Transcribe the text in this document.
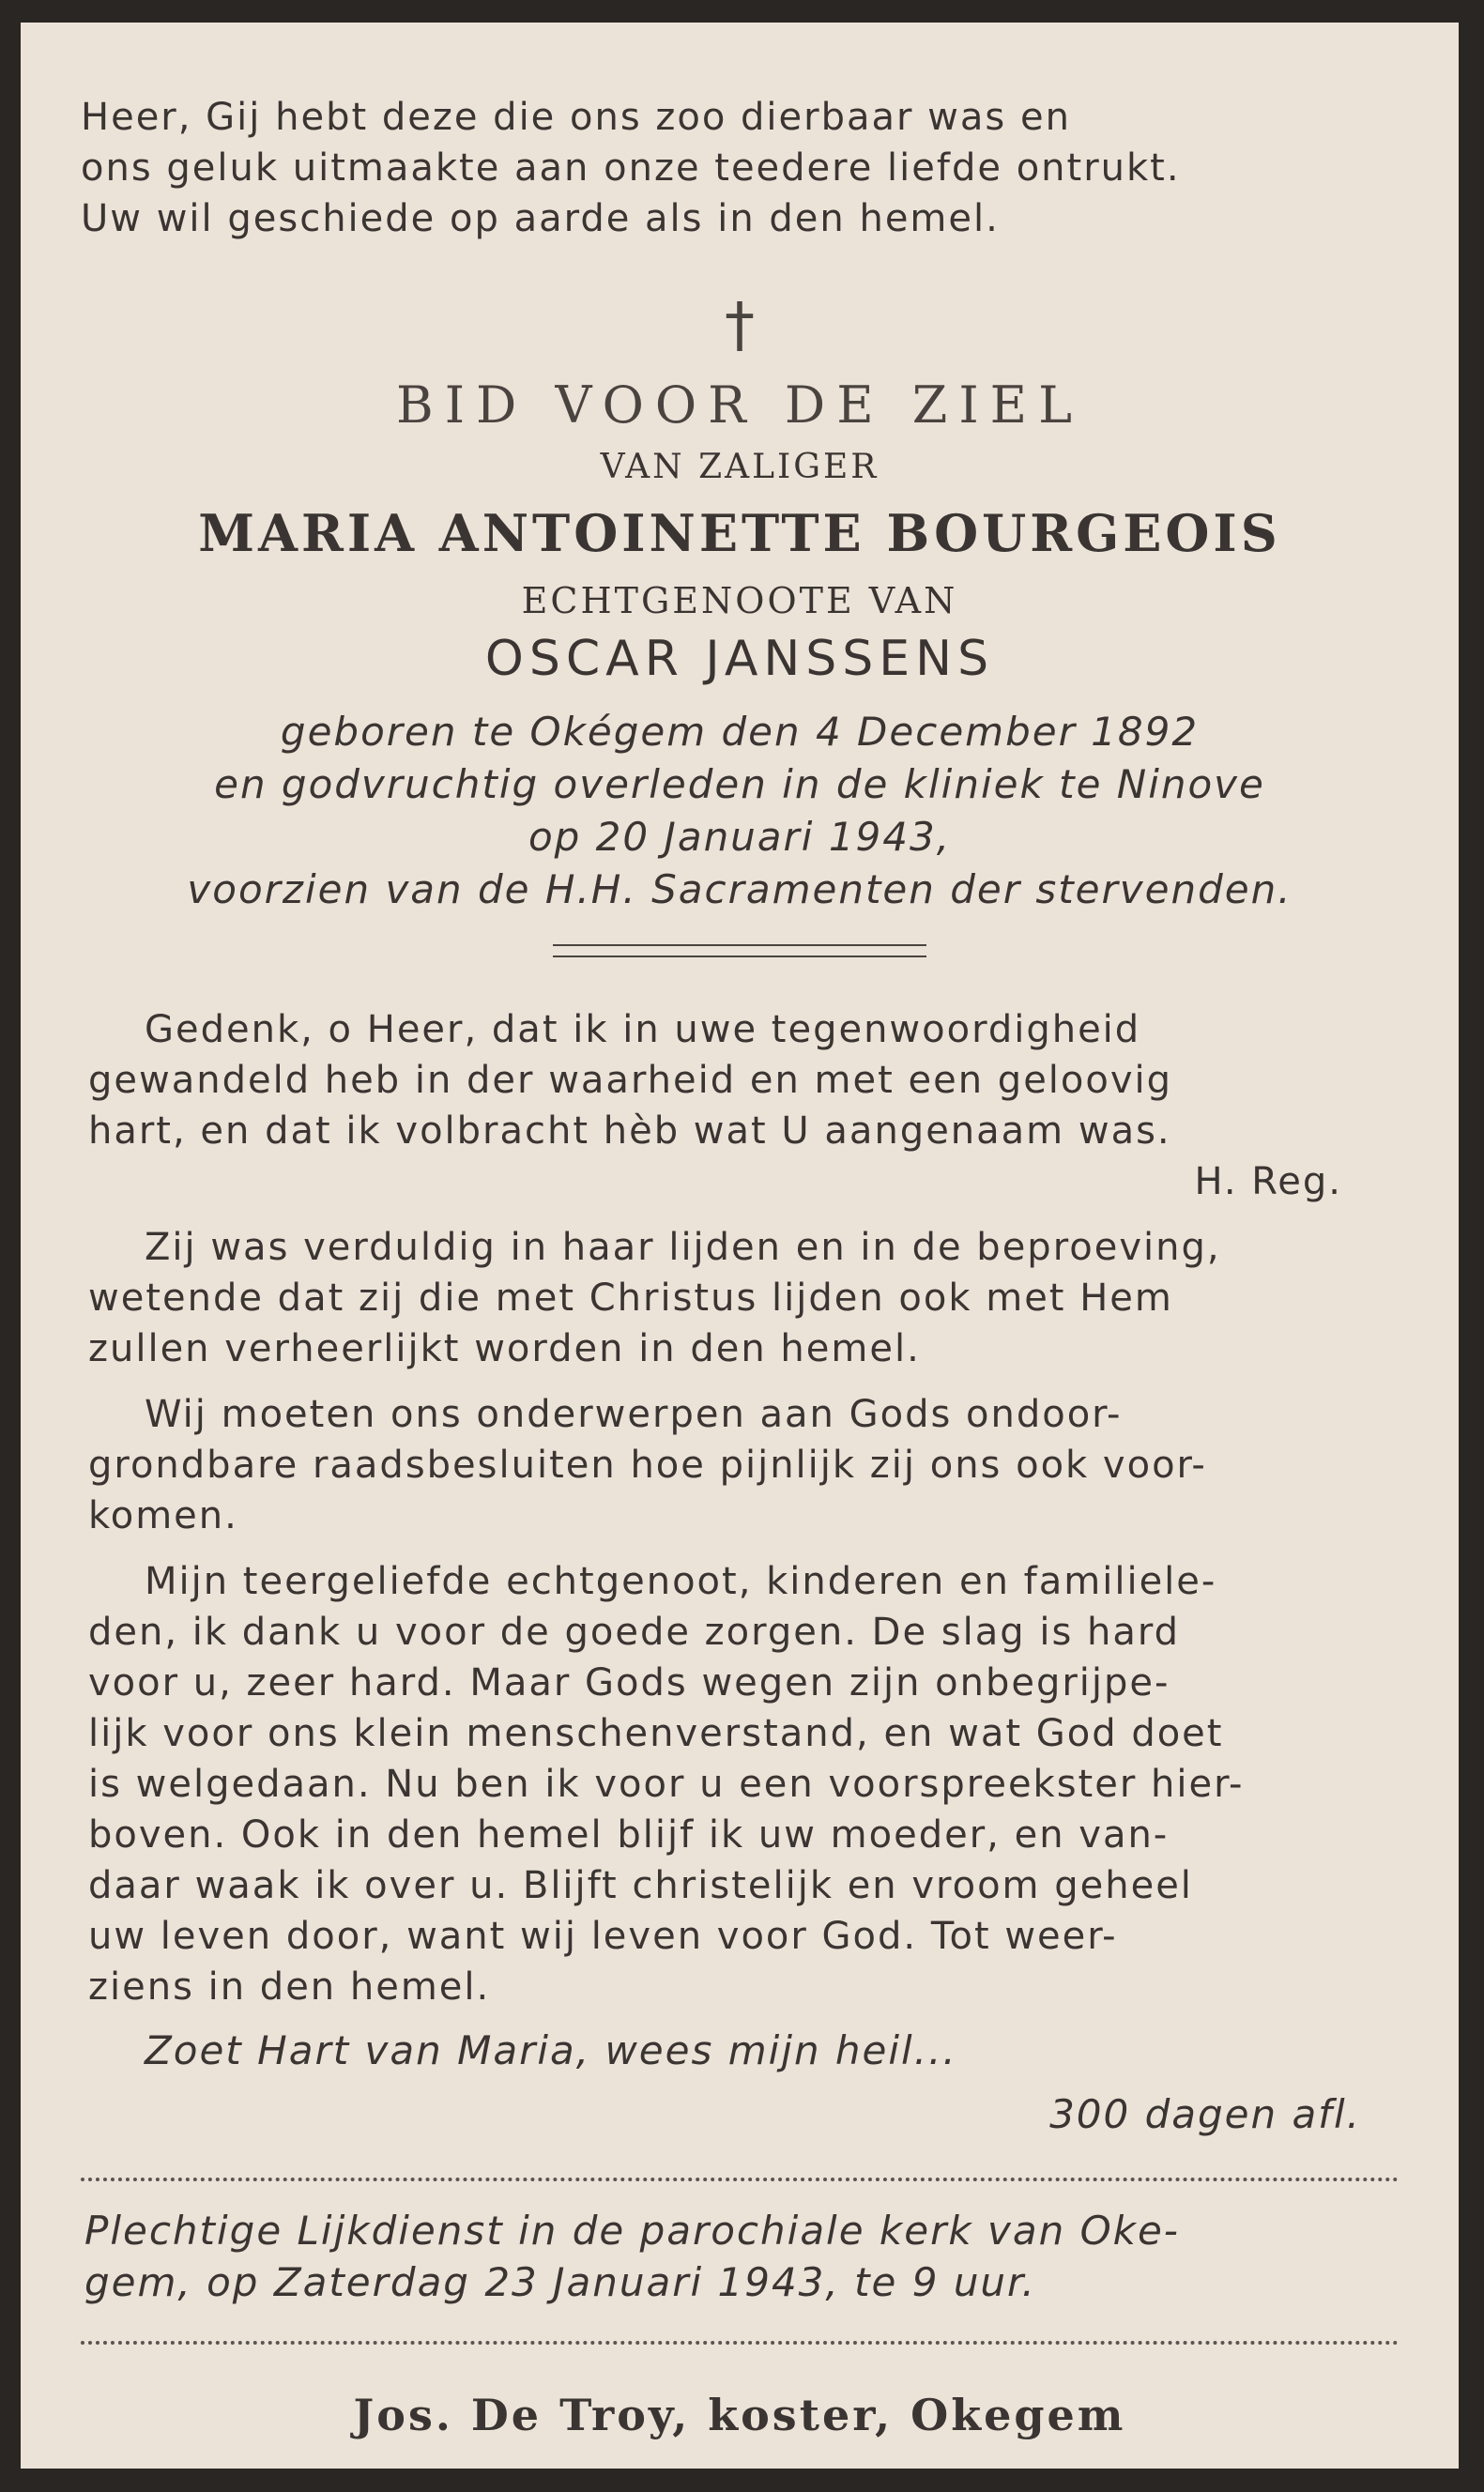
Heer, Gij hebt deze die ons zoo dierbaar was en

ons geluk uitmaakte aan onze teedere liefde ontrukt.

Uw wil geschiede op aarde als in den hemel.

†
BID VOOR DE ZIEL
VAN ZALIGER
MARIA ANTOINETTE BOURGEOIS
ECHTGENOOTE VAN
OSCAR JANSSENS

geboren te Okégem den 4 December 1892

en godvruchtig overleden in de kliniek te Ninove

op 20 Januari 1943,

voorzien van de H.H. Sacramenten der stervenden.

Gedenk, o Heer, dat ik in uwe tegenwoordigheid

gewandeld heb in der waarheid en met een geloovig

hart, en dat ik volbracht hèb wat U aangenaam was.

H. Reg.

Zij was verduldig in haar lijden en in de beproeving,

wetende dat zij die met Christus lijden ook met Hem

zullen verheerlijkt worden in den hemel.

Wij moeten ons onderwerpen aan Gods ondoor-

grondbare raadsbesluiten hoe pijnlijk zij ons ook voor-

komen.

Mijn teergeliefde echtgenoot, kinderen en familiele-

den, ik dank u voor de goede zorgen. De slag is hard

voor u, zeer hard. Maar Gods wegen zijn onbegrijpe-

lijk voor ons klein menschenverstand, en wat God doet

is welgedaan. Nu ben ik voor u een voorspreekster hier-

boven. Ook in den hemel blijf ik uw moeder, en van-

daar waak ik over u. Blijft christelijk en vroom geheel

uw leven door, want wij leven voor God. Tot weer-

ziens in den hemel.

Zoet Hart van Maria, wees mijn heil...

300 dagen afl.

Plechtige Lijkdienst in de parochiale kerk van Oke-

gem, op Zaterdag 23 Januari 1943, te 9 uur.

Jos. De Troy, koster, Okegem
